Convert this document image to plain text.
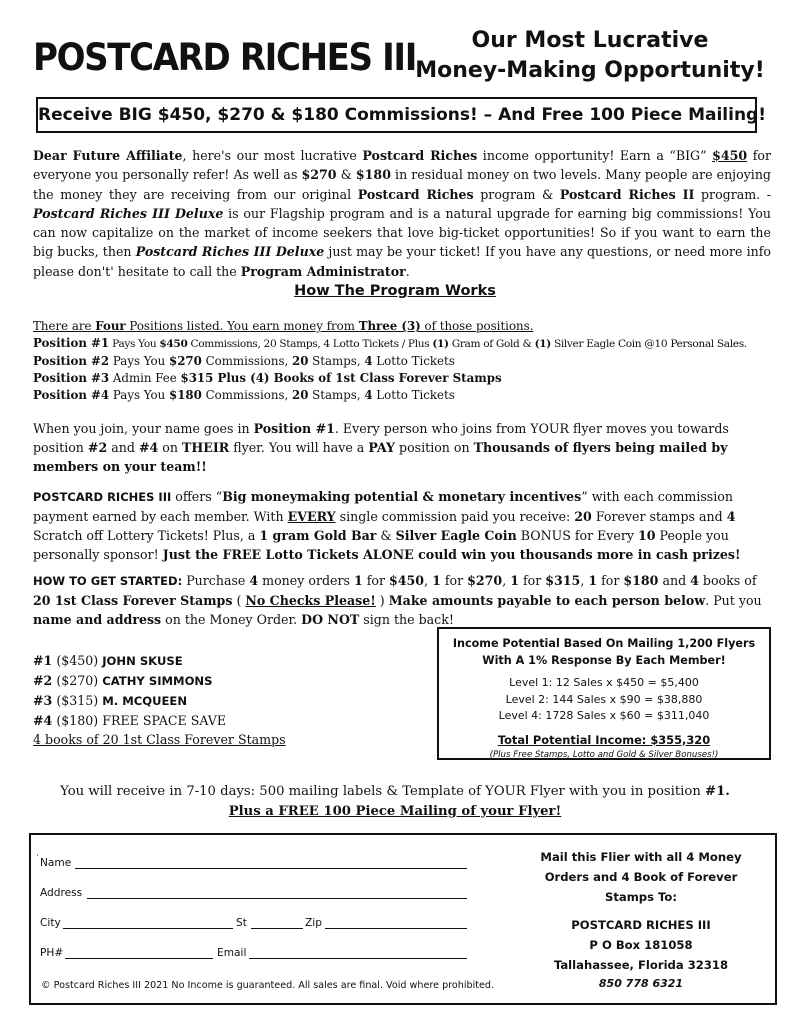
POSTCARD RICHES III	Our Most Lucrative
Money-Making Opportunity!
Receive BIG $450, $270 & $180 Commissions! – And Free 100 Piece Mailing!
Dear Future Affiliate, here's our most lucrative Postcard Riches income opportunity! Earn a “BIG” $450 for everyone you personally refer! As well as $270 & $180 in residual money on two levels. Many people are enjoying the money they are receiving from our original Postcard Riches program & Postcard Riches II program. - Postcard Riches III Deluxe is our Flagship program and is a natural upgrade for earning big commissions! You can now capitalize on the market of income seekers that love big-ticket opportunities! So if you want to earn the big bucks, then Postcard Riches III Deluxe just may be your ticket! If you have any questions, or need more info please don't' hesitate to call the Program Administrator.
How The Program Works
There are Four Positions listed. You earn money from Three (3) of those positions.
Position #1 Pays You $450 Commissions, 20 Stamps, 4 Lotto Tickets / Plus (1) Gram of Gold & (1) Silver Eagle Coin @10 Personal Sales.
Position #2 Pays You $270 Commissions, 20 Stamps, 4 Lotto Tickets
Position #3 Admin Fee $315 Plus (4) Books of 1st Class Forever Stamps
Position #4 Pays You $180 Commissions, 20 Stamps, 4 Lotto Tickets
When you join, your name goes in Position #1. Every person who joins from YOUR flyer moves you towards position #2 and #4 on THEIR flyer. You will have a PAY position on Thousands of flyers being mailed by members on your team!!
POSTCARD RICHES III offers “Big moneymaking potential & monetary incentives” with each commission payment earned by each member. With EVERY single commission paid you receive: 20 Forever stamps and 4 Scratch off Lottery Tickets! Plus, a 1 gram Gold Bar & Silver Eagle Coin BONUS for Every 10 People you personally sponsor! Just the FREE Lotto Tickets ALONE could win you thousands more in cash prizes!
HOW TO GET STARTED: Purchase 4 money orders 1 for $450, 1 for $270, 1 for $315, 1 for $180 and 4 books of 20 1st Class Forever Stamps ( No Checks Please! ) Make amounts payable to each person below. Put you name and address on the Money Order. DO NOT sign the back!
#1 ($450) JOHN SKUSE
#2 ($270) CATHY SIMMONS
#3 ($315) M. MCQUEEN
#4 ($180) FREE SPACE SAVE
4 books of 20 1st Class Forever Stamps
Income Potential Based On Mailing 1,200 Flyers
With A 1% Response By Each Member!
Level 1: 12 Sales x $450 = $5,400
Level 2: 144 Sales x $90 = $38,880
Level 4: 1728 Sales x $60 = $311,040
Total Potential Income: $355,320
(Plus Free Stamps, Lotto and Gold & Silver Bonuses!)
You will receive in 7-10 days: 500 mailing labels & Template of YOUR Flyer with you in position #1.
Plus a FREE 100 Piece Mailing of your Flyer!
˙ Name
Address
City	St	Zip
PH#	Email
© Postcard Riches III 2021 No Income is guaranteed. All sales are final. Void where prohibited.
Mail this Flier with all 4 Money
Orders and 4 Book of Forever
Stamps To:
POSTCARD RICHES III
P O Box 181058
Tallahassee, Florida 32318
850 778 6321
